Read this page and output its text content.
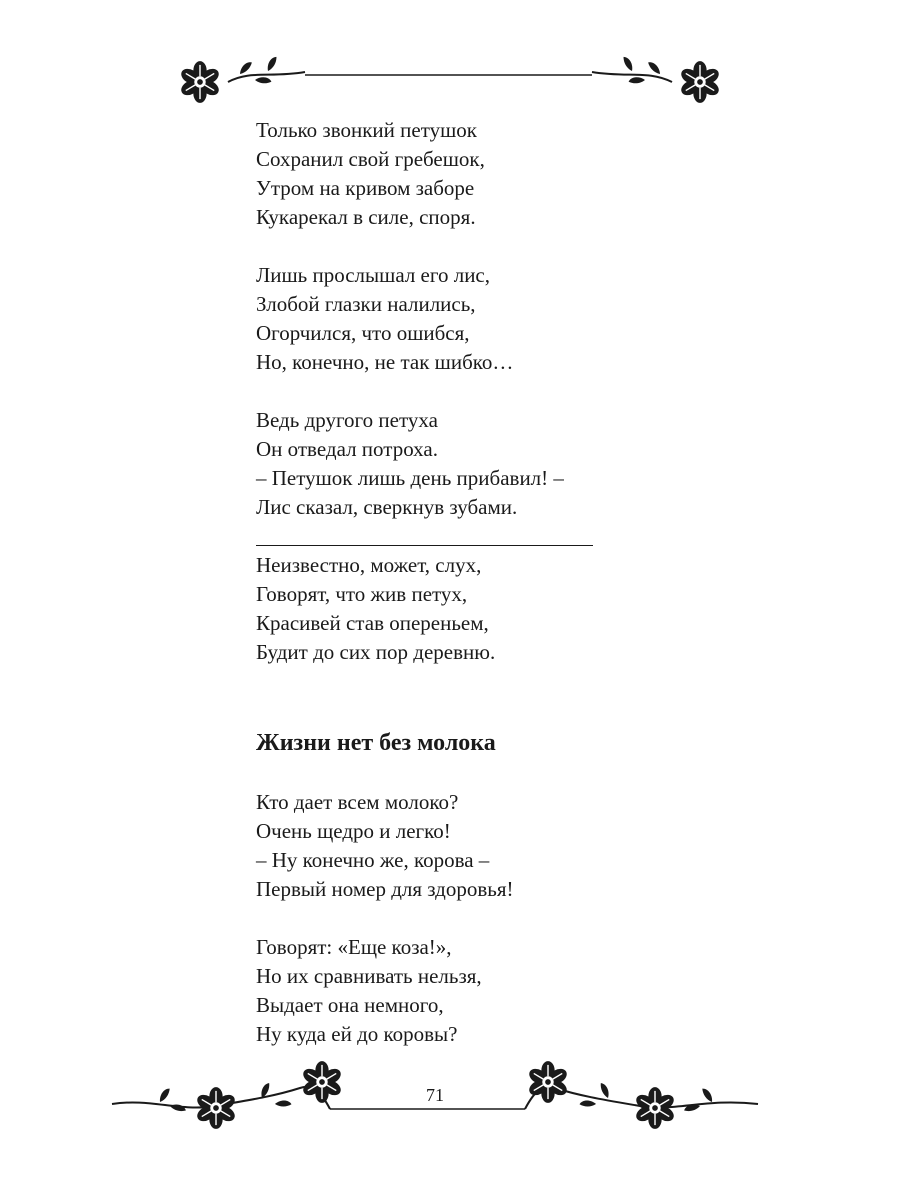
Только звонкий петушок
Сохранил свой гребешок,
Утром на кривом заборе
Кукарекал в силе, споря.
Лишь прослышал его лис,
Злобой глазки налились,
Огорчился, что ошибся,
Но, конечно, не так шибко…
Ведь другого петуха
Он отведал потроха.
– Петушок лишь день прибавил! –
Лис сказал, сверкнув зубами.
Неизвестно, может, слух,
Говорят, что жив петух,
Красивей став опереньем,
Будит до сих пор деревню.
Жизни нет без молока
Кто дает всем молоко?
Очень щедро и легко!
– Ну конечно же, корова –
Первый номер для здоровья!
Говорят: «Еще коза!»,
Но их сравнивать нельзя,
Выдает она немного,
Ну куда ей до коровы?
71
